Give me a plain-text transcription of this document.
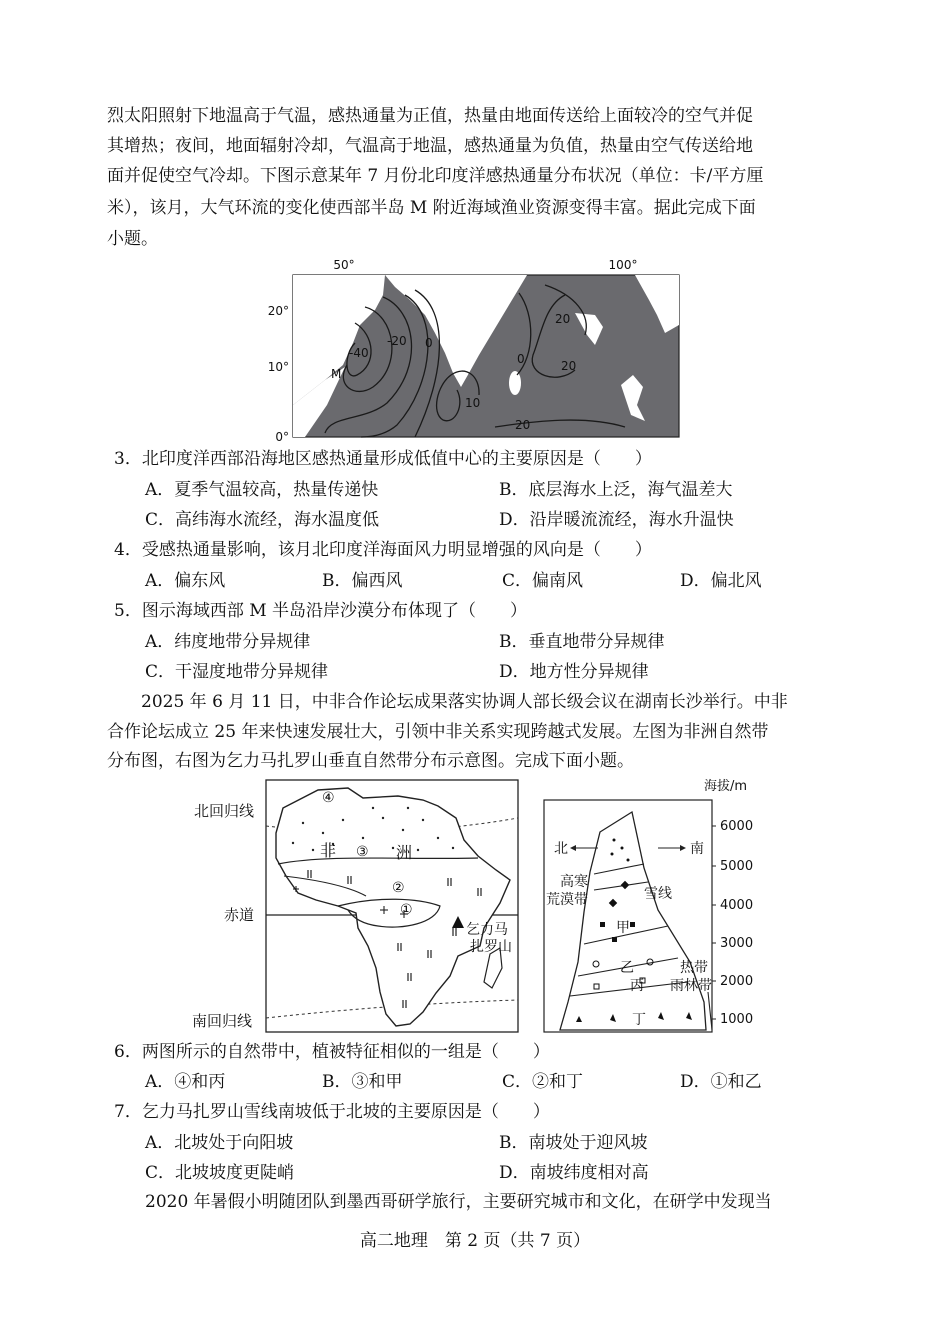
烈太阳照射下地温高于气温，感热通量为正值，热量由地面传送给上面较冷的空气并促

其增热；夜间，地面辐射冷却，气温高于地温，感热通量为负值，热量由空气传送给地

面并促使空气冷却。下图示意某年 7 月份北印度洋感热通量分布状况（单位：卡/平方厘

米），该月，大气环流的变化使西部半岛 M 附近海域渔业资源变得丰富。据此完成下面

小题。

50°	100°
20°
10°
0°
-40
-20 0
0
10
20
20
20
M

3．北印度洋西部沿海地区感热通量形成低值中心的主要原因是（　　）

A．夏季气温较高，热量传递快	B．底层海水上泛，海气温差大
C．高纬海水流经，海水温度低	D．沿岸暖流流经，海水升温快

4．受感热通量影响，该月北印度洋海面风力明显增强的风向是（　　）

A．偏东风	B．偏西风	C．偏南风	D．偏北风

5．图示海域西部 M 半岛沿岸沙漠分布体现了（　　）

A．纬度地带分异规律	B．垂直地带分异规律
C．干湿度地带分异规律	D．地方性分异规律

2025 年 6 月 11 日，中非合作论坛成果落实协调人部长级会议在湖南长沙举行。中非

合作论坛成立 25 年来快速发展壮大，引领中非关系实现跨越式发展。左图为非洲自然带

分布图，右图为乞力马扎罗山垂直自然带分布示意图。完成下面小题。

北回归线
赤道
南回归线
非	洲
④
③
②
①
乞力马
扎罗山
海拔/m
6000
5000
4000
3000
2000
1000
北	南
高寒
荒漠带	雪线
甲
乙
丙
丁
热带
雨林带

6．两图所示的自然带中，植被特征相似的一组是（　　）

A．④和丙	B．③和甲	C．②和丁	D．①和乙

7．乞力马扎罗山雪线南坡低于北坡的主要原因是（　　）

A．北坡处于向阳坡	B．南坡处于迎风坡
C．北坡坡度更陡峭	D．南坡纬度相对高

2020 年暑假小明随团队到墨西哥研学旅行，主要研究城市和文化，在研学中发现当

高二地理　第 2 页（共 7 页）
